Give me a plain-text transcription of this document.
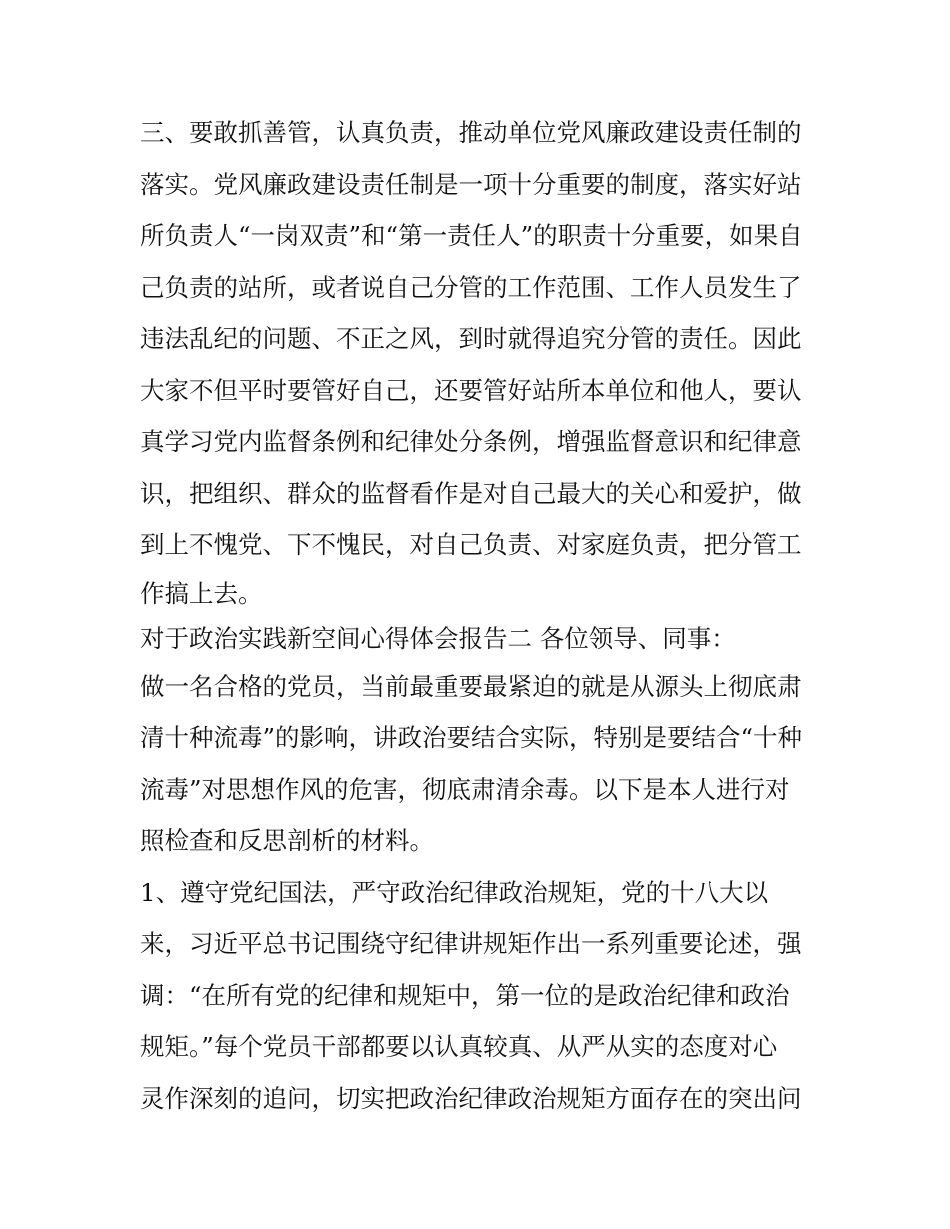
三、要敢抓善管，认真负责，推动单位党风廉政建设责任制的
落实。党风廉政建设责任制是一项十分重要的制度，落实好站
所负责人“一岗双责”和“第一责任人”的职责十分重要，如果自
己负责的站所，或者说自己分管的工作范围、工作人员发生了
违法乱纪的问题、不正之风，到时就得追究分管的责任。因此
大家不但平时要管好自己，还要管好站所本单位和他人，要认
真学习党内监督条例和纪律处分条例，增强监督意识和纪律意
识，把组织、群众的监督看作是对自己最大的关心和爱护，做
到上不愧党、下不愧民，对自己负责、对家庭负责，把分管工
作搞上去。
对于政治实践新空间心得体会报告二 各位领导、同事：
做一名合格的党员，当前最重要最紧迫的就是从源头上彻底肃
清十种流毒”的影响，讲政治要结合实际，特别是要结合“十种
流毒”对思想作风的危害，彻底肃清余毒。以下是本人进行对
照检查和反思剖析的材料。
1、遵守党纪国法，严守政治纪律政治规矩，党的十八大以
来，习近平总书记围绕守纪律讲规矩作出一系列重要论述，强
调：“在所有党的纪律和规矩中，第一位的是政治纪律和政治
规矩。”每个党员干部都要以认真较真、从严从实的态度对心
灵作深刻的追问，切实把政治纪律政治规矩方面存在的突出问
